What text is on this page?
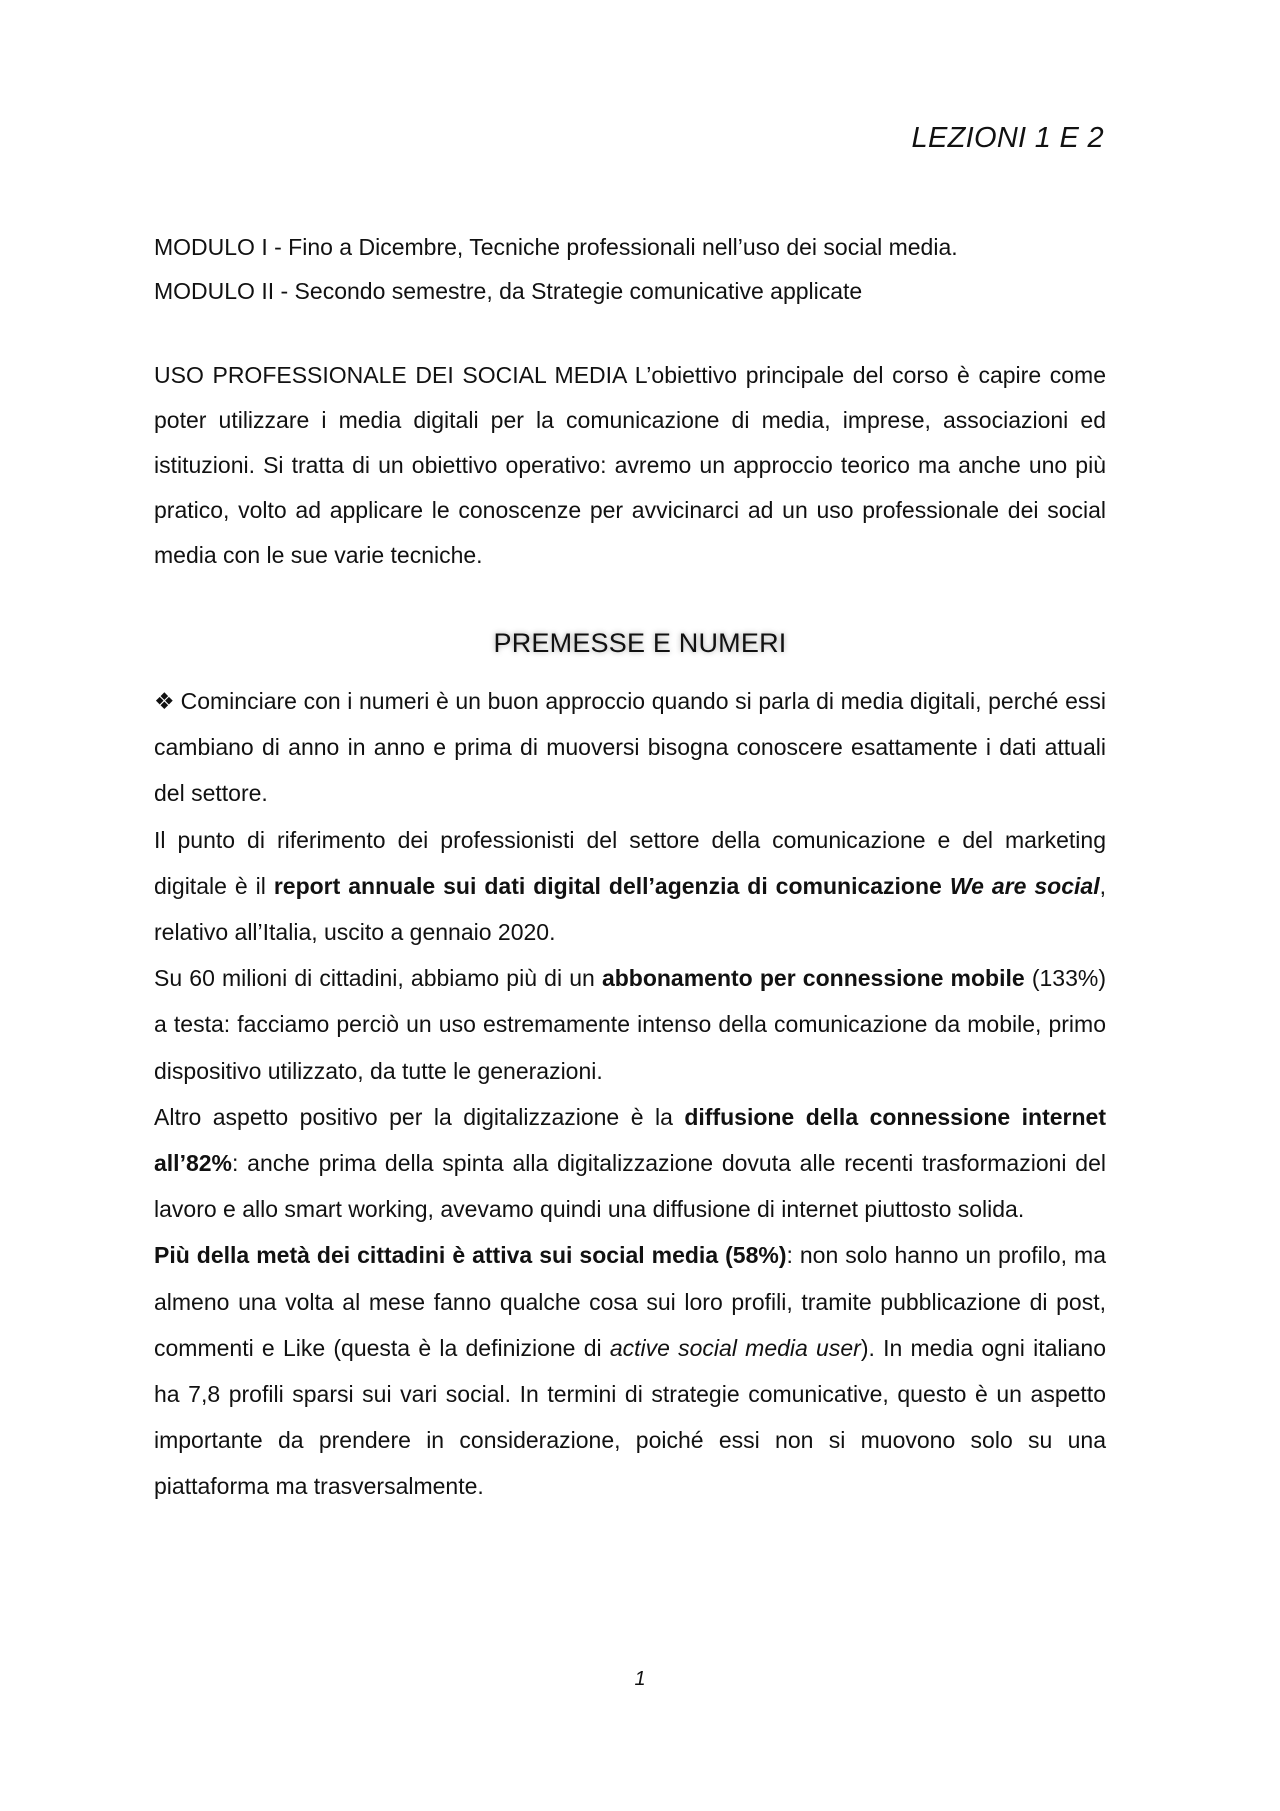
LEZIONI 1 E 2
MODULO I - Fino a Dicembre, Tecniche professionali nell’uso dei social media.
MODULO II - Secondo semestre, da Strategie comunicative applicate

USO PROFESSIONALE DEI SOCIAL MEDIA L’obiettivo principale del corso è capire come poter utilizzare i media digitali per la comunicazione di media, imprese, associazioni ed istituzioni. Si tratta di un obiettivo operativo: avremo un approccio teorico ma anche uno più pratico, volto ad applicare le conoscenze per avvicinarci ad un uso professionale dei social media con le sue varie tecniche.

PREMESSE E NUMERI

❖ Cominciare con i numeri è un buon approccio quando si parla di media digitali, perché essi cambiano di anno in anno e prima di muoversi bisogna conoscere esattamente i dati attuali del settore.

Il punto di riferimento dei professionisti del settore della comunicazione e del marketing digitale è il report annuale sui dati digital dell’agenzia di comunicazione We are social, relativo all’Italia, uscito a gennaio 2020.

Su 60 milioni di cittadini, abbiamo più di un abbonamento per connessione mobile (133%) a testa: facciamo perciò un uso estremamente intenso della comunicazione da mobile, primo dispositivo utilizzato, da tutte le generazioni.

Altro aspetto positivo per la digitalizzazione è la diffusione della connessione internet all’82%: anche prima della spinta alla digitalizzazione dovuta alle recenti trasformazioni del lavoro e allo smart working, avevamo quindi una diffusione di internet piuttosto solida.

Più della metà dei cittadini è attiva sui social media (58%): non solo hanno un profilo, ma almeno una volta al mese fanno qualche cosa sui loro profili, tramite pubblicazione di post, commenti e Like (questa è la definizione di active social media user). In media ogni italiano ha 7,8 profili sparsi sui vari social. In termini di strategie comunicative, questo è un aspetto importante da prendere in considerazione, poiché essi non si muovono solo su una piattaforma ma trasversalmente.

1
